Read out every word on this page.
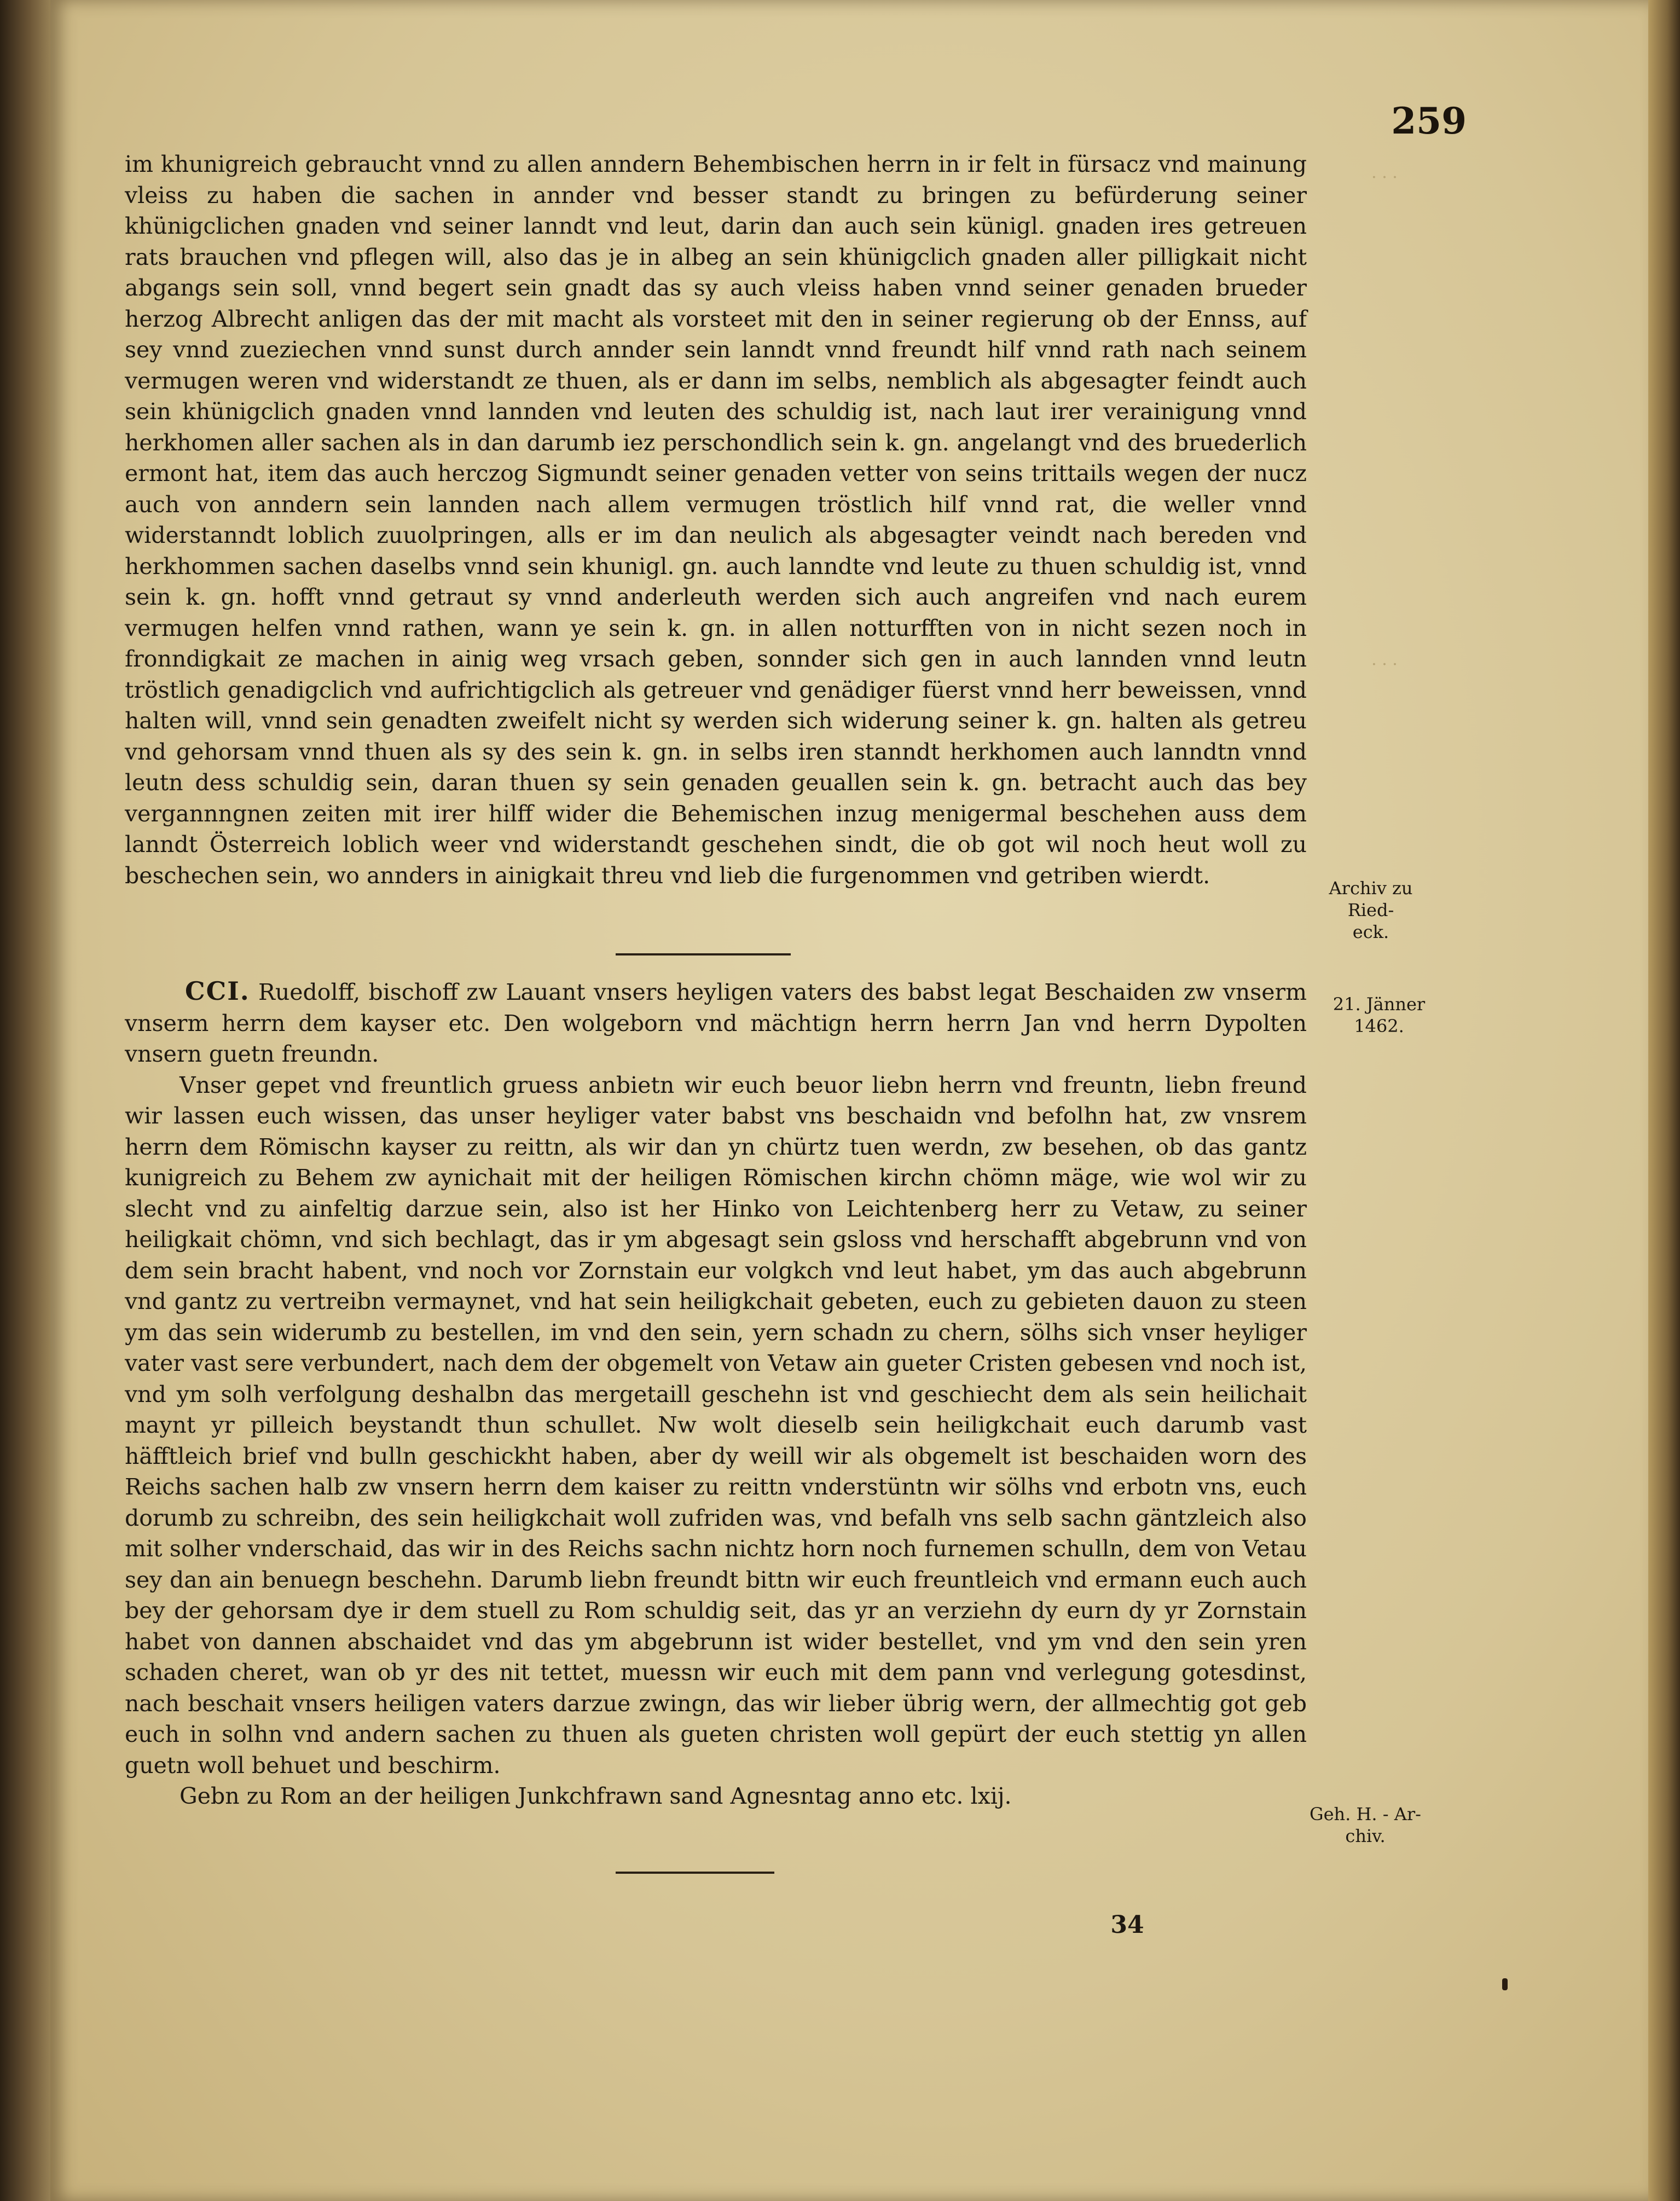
· · ·
· · ·
259

im khunigreich gebraucht vnnd zu allen anndern Behembischen herrn in ir felt in fürsacz vnd mainung vleiss zu haben die sachen in annder vnd besser standt zu bringen zu befürderung seiner khünigclichen gnaden vnd seiner lanndt vnd leut, darin dan auch sein künigl. gnaden ires getreuen rats brauchen vnd pflegen will, also das je in albeg an sein khünigclich gnaden aller pilligkait nicht abgangs sein soll, vnnd begert sein gnadt das sy auch vleiss haben vnnd seiner genaden brueder herzog Albrecht anligen das der mit macht als vorsteet mit den in seiner regierung ob der Ennss, auf sey vnnd zueziechen vnnd sunst durch annder sein lanndt vnnd freundt hilf vnnd rath nach seinem vermugen weren vnd widerstandt ze thuen, als er dann im selbs, nemblich als abgesagter feindt auch sein khünigclich gnaden vnnd lannden vnd leuten des schuldig ist, nach laut irer verainigung vnnd herkhomen aller sachen als in dan darumb iez perschondlich sein k. gn. angelangt vnd des bruederlich ermont hat, item das auch herczog Sigmundt seiner genaden vetter von seins trittails wegen der nucz auch von anndern sein lannden nach allem vermugen tröstlich hilf vnnd rat, die weller vnnd widerstanndt loblich zuuolpringen, alls er im dan neulich als abgesagter veindt nach bereden vnd herkhommen sachen daselbs vnnd sein khunigl. gn. auch lanndte vnd leute zu thuen schuldig ist, vnnd sein k. gn. hofft vnnd getraut sy vnnd anderleuth werden sich auch angreifen vnd nach eurem vermugen helfen vnnd rathen, wann ye sein k. gn. in allen notturfften von in nicht sezen noch in fronndigkait ze machen in ainig weg vrsach geben, sonnder sich gen in auch lannden vnnd leutn tröstlich genadigclich vnd aufrichtigclich als getreuer vnd genädiger füerst vnnd herr beweissen, vnnd halten will, vnnd sein genadten zweifelt nicht sy werden sich widerung seiner k. gn. halten als getreu vnd gehorsam vnnd thuen als sy des sein k. gn. in selbs iren stanndt herkhomen auch lanndtn vnnd leutn dess schuldig sein, daran thuen sy sein genaden geuallen sein k. gn. betracht auch das bey vergannngnen zeiten mit irer hilff wider die Behemischen inzug menigermal beschehen auss dem lanndt Österreich loblich weer vnd widerstandt geschehen sindt, die ob got wil noch heut woll zu beschechen sein, wo annders in ainigkait threu vnd lieb die furgenommen vnd getriben wierdt.

CCI. Ruedolff, bischoff zw Lauant vnsers heyligen vaters des babst legat Beschaiden zw vnserm vnserm herrn dem kayser etc. Den wolgeborn vnd mächtign herrn herrn Jan vnd herrn Dypolten vnsern guetn freundn.

Vnser gepet vnd freuntlich gruess anbietn wir euch beuor liebn herrn vnd freuntn, liebn freund wir lassen euch wissen, das unser heyliger vater babst vns beschaidn vnd befolhn hat, zw vnsrem herrn dem Römischn kayser zu reittn, als wir dan yn chürtz tuen werdn, zw besehen, ob das gantz kunigreich zu Behem zw aynichait mit der heiligen Römischen kirchn chömn mäge, wie wol wir zu slecht vnd zu ainfeltig darzue sein, also ist her Hinko von Leichtenberg herr zu Vetaw, zu seiner heiligkait chömn, vnd sich bechlagt, das ir ym abgesagt sein gsloss vnd herschafft abgebrunn vnd von dem sein bracht habent, vnd noch vor Zornstain eur volgkch vnd leut habet, ym das auch abgebrunn vnd gantz zu vertreibn vermaynet, vnd hat sein heiligkchait gebeten, euch zu gebieten dauon zu steen ym das sein widerumb zu bestellen, im vnd den sein, yern schadn zu chern, sölhs sich vnser heyliger vater vast sere verbundert, nach dem der obgemelt von Vetaw ain gueter Cristen gebesen vnd noch ist, vnd ym solh verfolgung deshalbn das mergetaill geschehn ist vnd geschiecht dem als sein heilichait maynt yr pilleich beystandt thun schullet. Nw wolt dieselb sein heiligkchait euch darumb vast häfftleich brief vnd bulln geschickht haben, aber dy weill wir als obgemelt ist beschaiden worn des Reichs sachen halb zw vnsern herrn dem kaiser zu reittn vnderstüntn wir sölhs vnd erbotn vns, euch dorumb zu schreibn, des sein heiligkchait woll zufriden was, vnd befalh vns selb sachn gäntzleich also mit solher vnderschaid, das wir in des Reichs sachn nichtz horn noch furnemen schulln, dem von Vetau sey dan ain benuegn beschehn. Darumb liebn freundt bittn wir euch freuntleich vnd ermann euch auch bey der gehorsam dye ir dem stuell zu Rom schuldig seit, das yr an verziehn dy eurn dy yr Zornstain habet von dannen abschaidet vnd das ym abgebrunn ist wider bestellet, vnd ym vnd den sein yren schaden cheret, wan ob yr des nit tettet, muessn wir euch mit dem pann vnd verlegung gotesdinst, nach beschait vnsers heiligen vaters darzue zwingn, das wir lieber übrig wern, der allmechtig got geb euch in solhn vnd andern sachen zu thuen als gueten christen woll gepürt der euch stettig yn allen guetn woll behuet und beschirm.

Gebn zu Rom an der heiligen Junkchfrawn sand Agnesntag anno etc. lxij.

34
Archiv zu Ried-
eck.
21. Jänner
1462.
Geh. H. - Ar-
chiv.
